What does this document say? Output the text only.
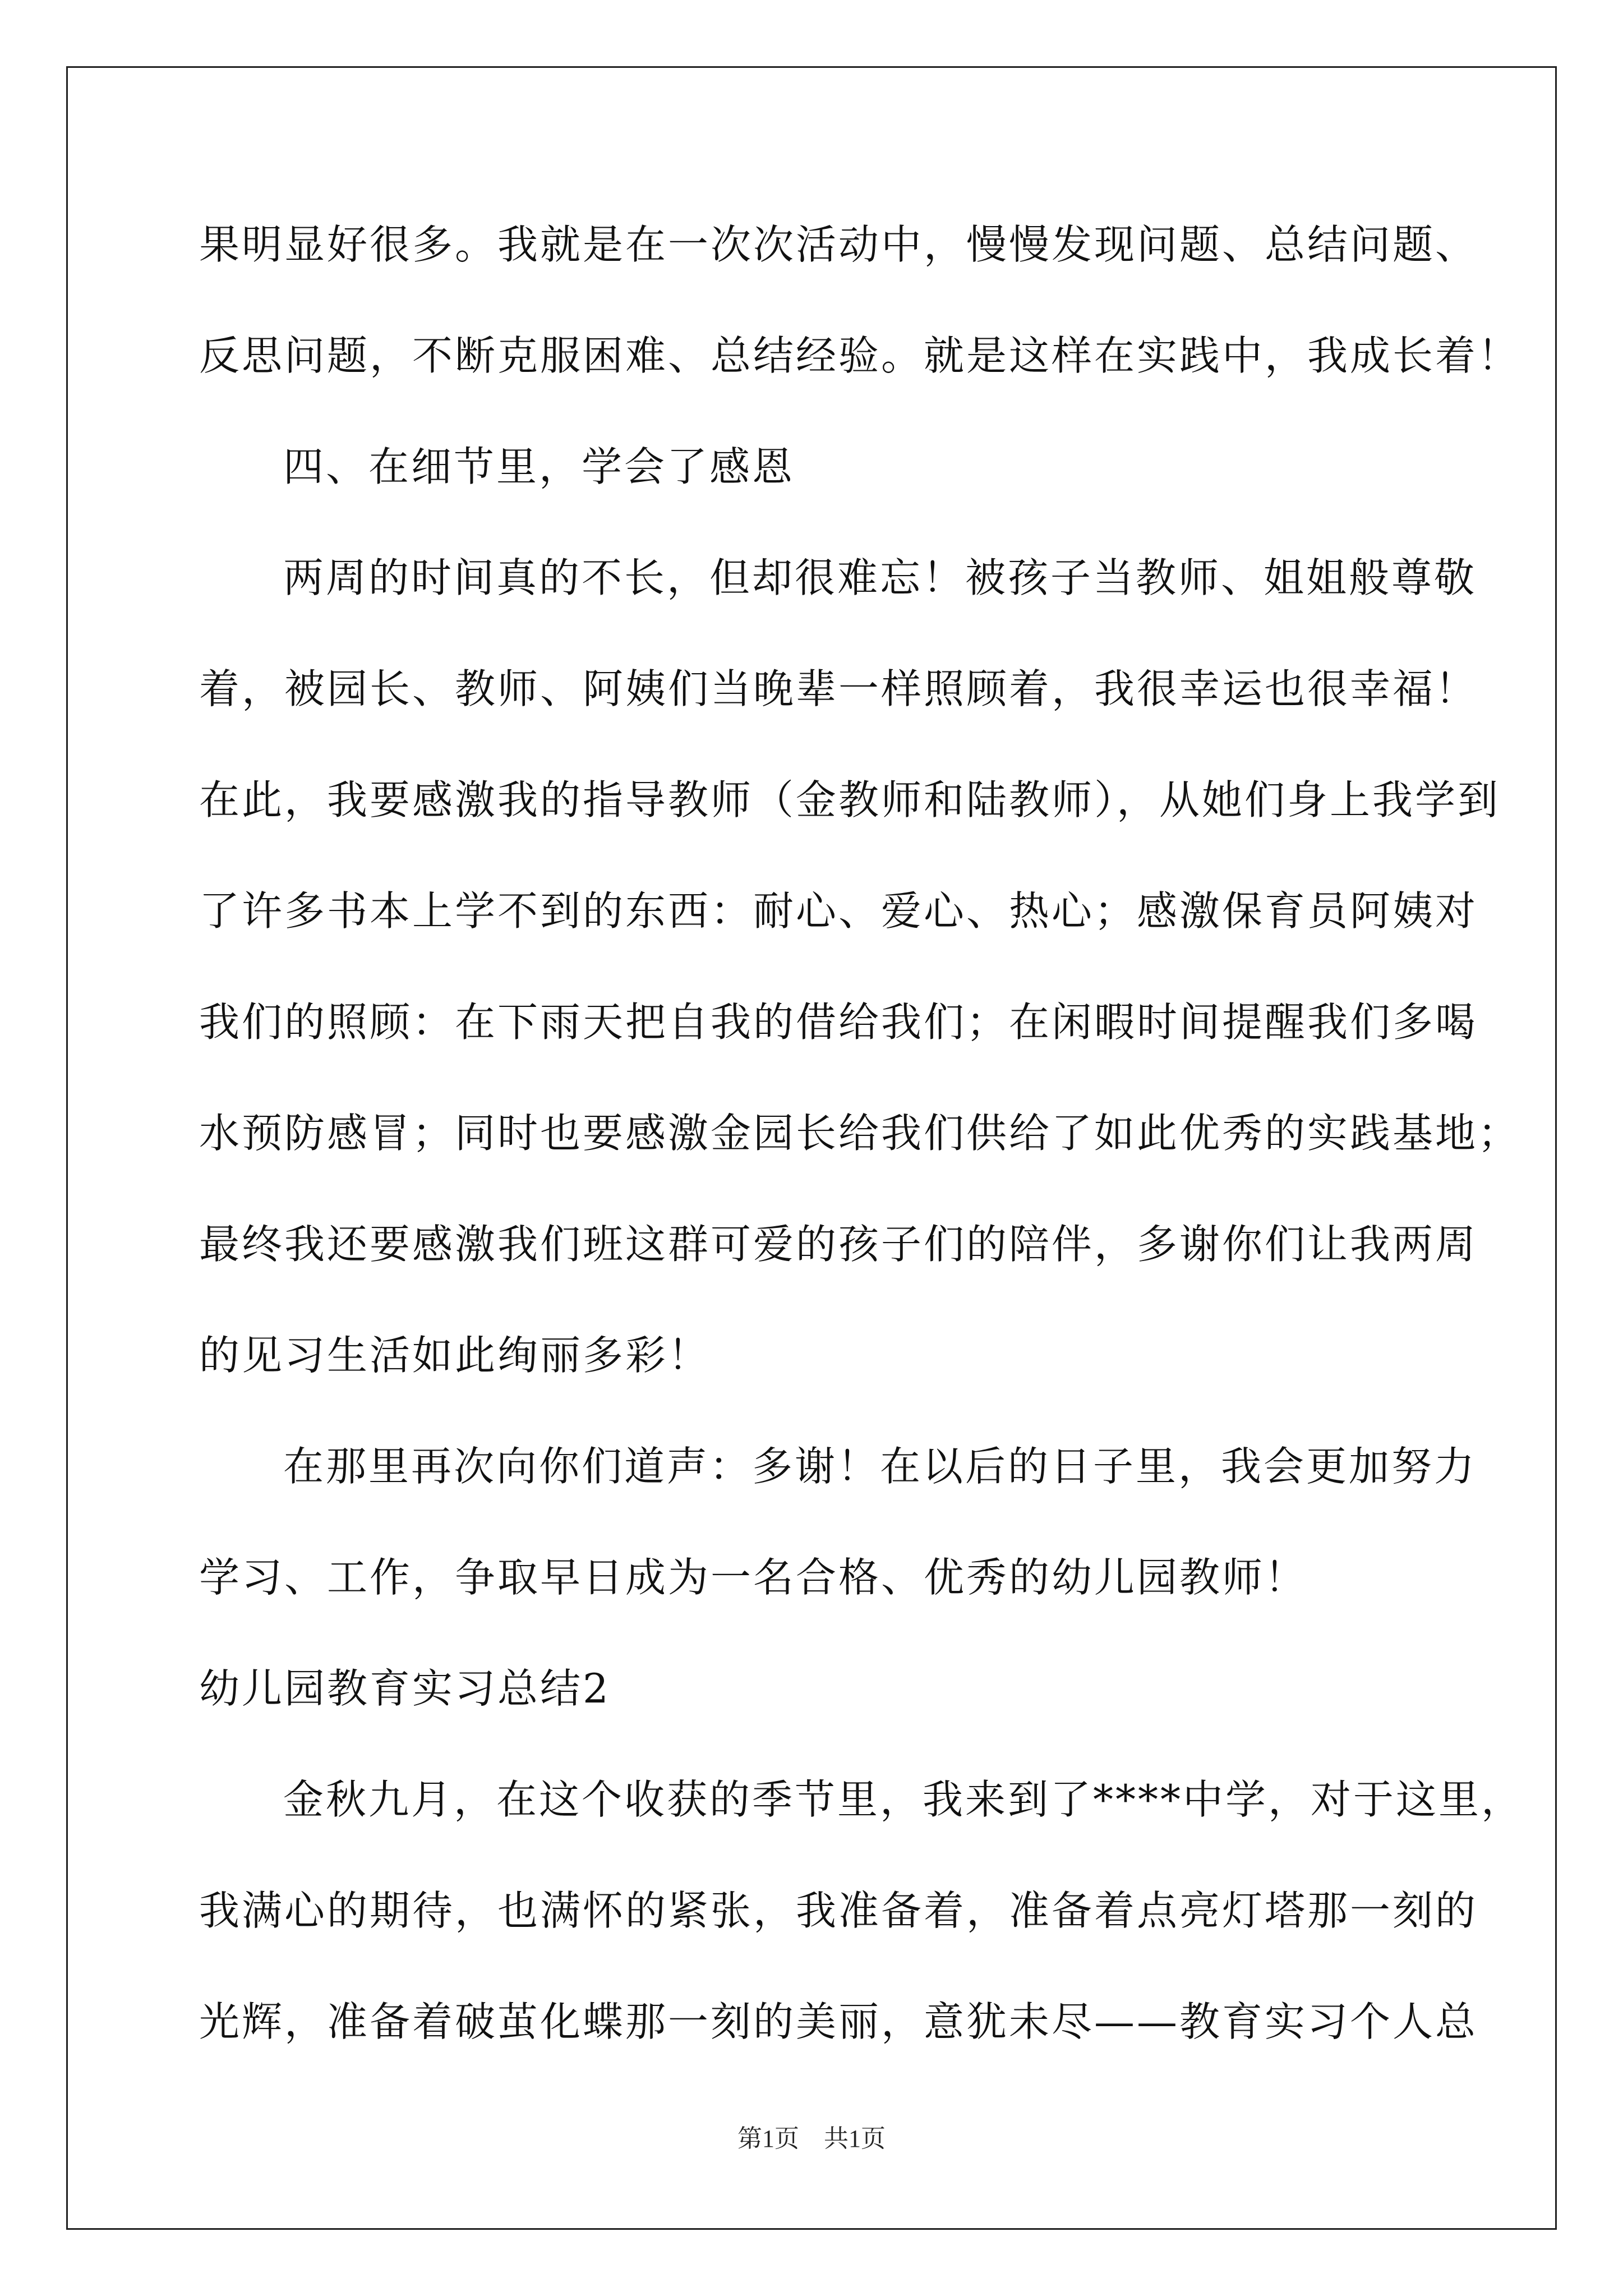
果明显好很多。我就是在一次次活动中，慢慢发现问题、总结问题、
反思问题，不断克服困难、总结经验。就是这样在实践中，我成长着！
四、在细节里，学会了感恩
两周的时间真的不长，但却很难忘！被孩子当教师、姐姐般尊敬
着，被园长、教师、阿姨们当晚辈一样照顾着，我很幸运也很幸福！
在此，我要感激我的指导教师（金教师和陆教师），从她们身上我学到
了许多书本上学不到的东西：耐心、爱心、热心；感激保育员阿姨对
我们的照顾：在下雨天把自我的借给我们；在闲暇时间提醒我们多喝
水预防感冒；同时也要感激金园长给我们供给了如此优秀的实践基地；
最终我还要感激我们班这群可爱的孩子们的陪伴，多谢你们让我两周
的见习生活如此绚丽多彩！
在那里再次向你们道声：多谢！在以后的日子里，我会更加努力
学习、工作，争取早日成为一名合格、优秀的幼儿园教师！
幼儿园教育实习总结2
金秋九月，在这个收获的季节里，我来到了****中学，对于这里，
我满心的期待，也满怀的紧张，我准备着，准备着点亮灯塔那一刻的
光辉，准备着破茧化蝶那一刻的美丽，意犹未尽——教育实习个人总
第1页 共1页
